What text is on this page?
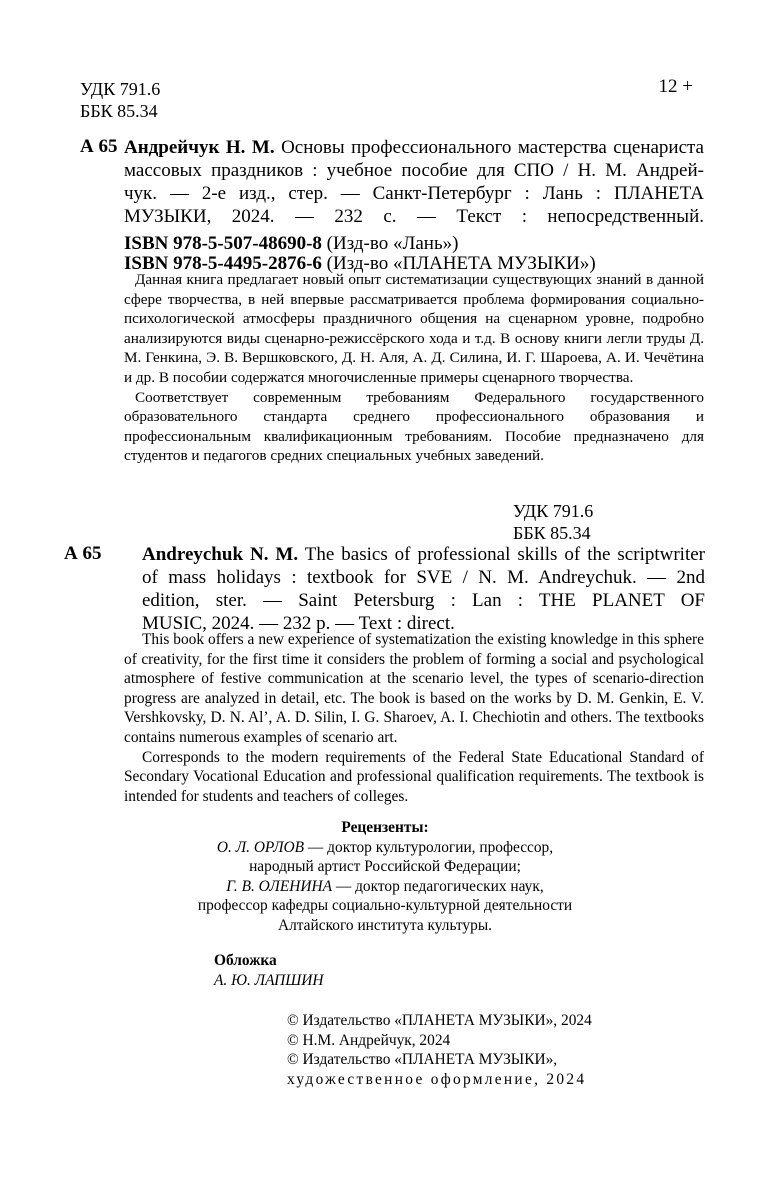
УДК 791.6
ББК 85.34
12 +
А 65 Андрейчук Н. М. Основы профессионального мастерства сценариста
массовых праздников : учебное пособие для СПО / Н. М. Андрей-
чук. — 2-е изд., стер. — Санкт-Петербург : Лань : ПЛАНЕТА
МУЗЫКИ, 2024. — 232 с. — Текст : непосредственный.
ISBN 978-5-507-48690-8 (Изд-во «Лань»)
ISBN 978-5-4495-2876-6 (Изд-во «ПЛАНЕТА МУЗЫКИ»)

Данная книга предлагает новый опыт систематизации существующих знаний в данной сфере творчества, в ней впервые рассматривается проблема формирования социально-психологической атмосферы праздничного общения на сценарном уровне, подробно анализируются виды сценарно-режиссёрского хода и т.д. В основу книги легли труды Д. М. Генкина, Э. В. Вершковского, Д. Н. Аля, А. Д. Силина, И. Г. Шароева, А. И. Чечётина и др. В пособии содержатся многочисленные примеры сценарного творчества.

Соответствует современным требованиям Федерального государственного образовательного стандарта среднего профессионального образования и профессиональным квалификационным требованиям. Пособие предназначено для студентов и педагогов средних специальных учебных заведений.

УДК 791.6
ББК 85.34
А 65 Andreychuk N. M. The basics of professional skills of the scriptwriter
of mass holidays : textbook for SVE / N. M. Andreychuk. — 2nd
edition, ster. — Saint Petersburg : Lan : THE PLANET OF
MUSIC, 2024. — 232 p. — Text : direct.

This book offers a new experience of systematization the existing knowledge in this sphere of creativity, for the first time it considers the problem of forming a social and psychological atmosphere of festive communication at the scenario level, the types of scenario-direction progress are analyzed in detail, etc. The book is based on the works by D. M. Genkin, E. V. Vershkovsky, D. N. Al’, A. D. Silin, I. G. Sharoev, A. I. Chechiotin and others. The textbooks contains numerous examples of scenario art.

Corresponds to the modern requirements of the Federal State Educational Standard of Secondary Vocational Education and professional qualification requirements. The textbook is intended for students and teachers of colleges.

Рецензенты:
О. Л. ОРЛОВ — доктор культурологии, профессор,
народный артист Российской Федерации;
Г. В. ОЛЕНИНА — доктор педагогических наук,
профессор кафедры социально-культурной деятельности
Алтайского института культуры.
Обложка
А. Ю. ЛАПШИН
© Издательство «ПЛАНЕТА МУЗЫКИ», 2024
© Н.М. Андрейчук, 2024
© Издательство «ПЛАНЕТА МУЗЫКИ»,
художественное оформление, 2024
